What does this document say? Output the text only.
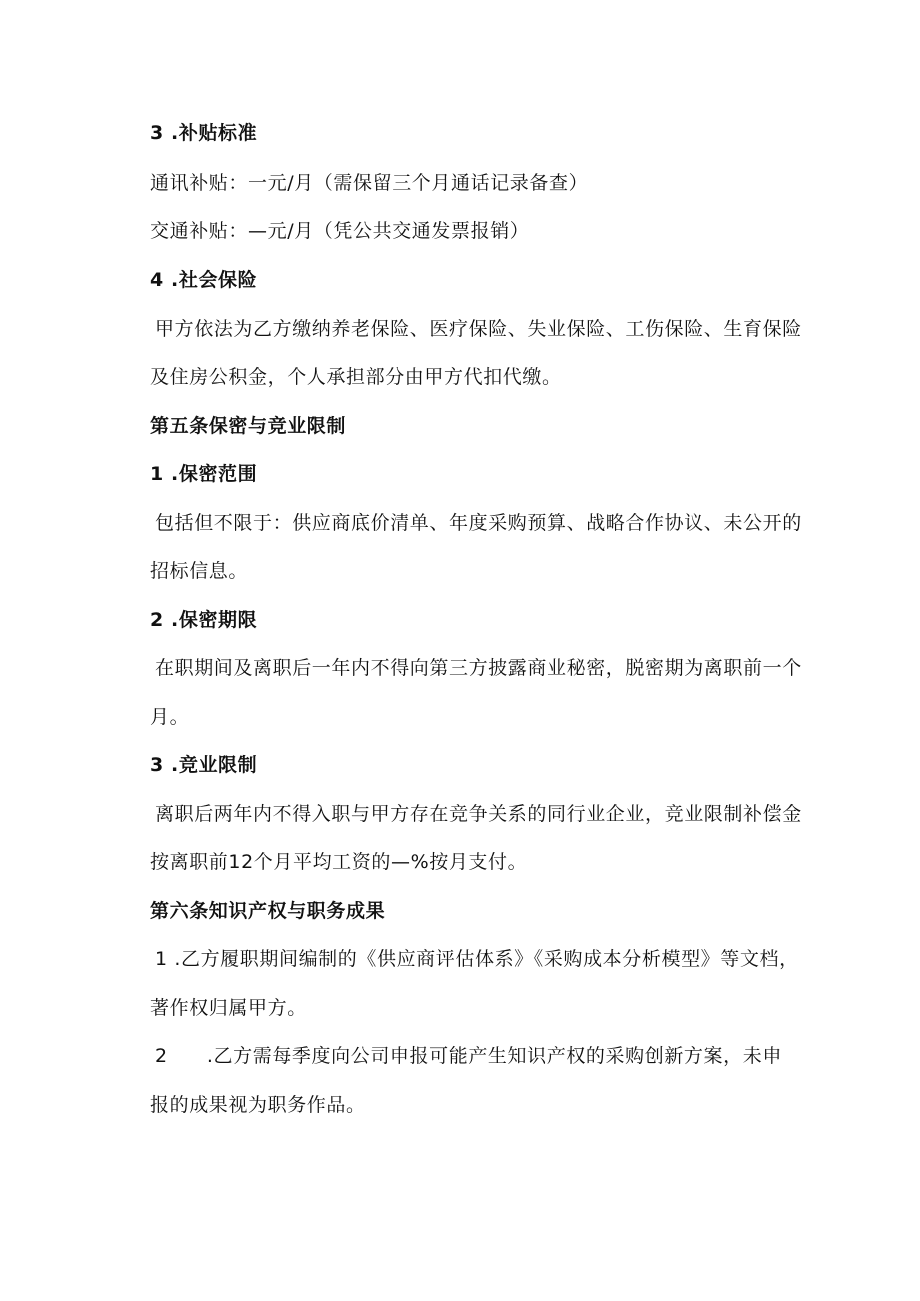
3 .补贴标准
通讯补贴：一元/月（需保留三个月通话记录备查）
交通补贴：—元/月（凭公共交通发票报销）
4 .社会保险
甲方依法为乙方缴纳养老保险、医疗保险、失业保险、工伤保险、生育保险
及住房公积金，个人承担部分由甲方代扣代缴。
第五条保密与竞业限制
1 .保密范围
包括但不限于：供应商底价清单、年度采购预算、战略合作协议、未公开的
招标信息。
2 .保密期限
在职期间及离职后一年内不得向第三方披露商业秘密，脱密期为离职前一个
月。
3 .竞业限制
离职后两年内不得入职与甲方存在竞争关系的同行业企业，竞业限制补偿金
按离职前12个月平均工资的—%按月支付。
第六条知识产权与职务成果
1 .乙方履职期间编制的《供应商评估体系》《采购成本分析模型》等文档，
著作权归属甲方。
2　　.乙方需每季度向公司申报可能产生知识产权的采购创新方案，未申
报的成果视为职务作品。
